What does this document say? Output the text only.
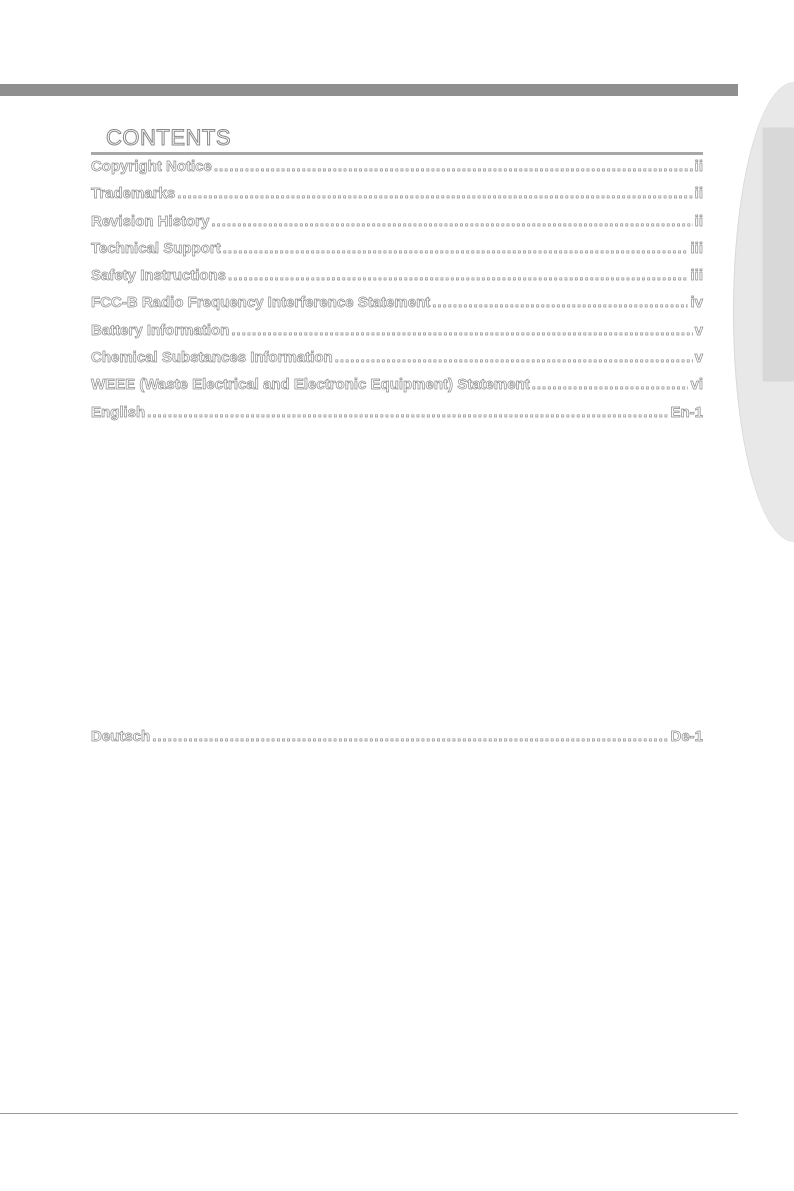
CONTENTS
Copyright Notice .....	ii
Trademarks .....	ii
Revision History .....	ii
Technical Support .....	iii
Safety Instructions .....	iii
FCC-B Radio Frequency Interference Statement .....	iv
Battery Information .....	v
Chemical Substances Information .....	v
WEEE (Waste Electrical and Electronic Equipment) Statement .....	vi
English .....	En-1
Deutsch .....	De-1
